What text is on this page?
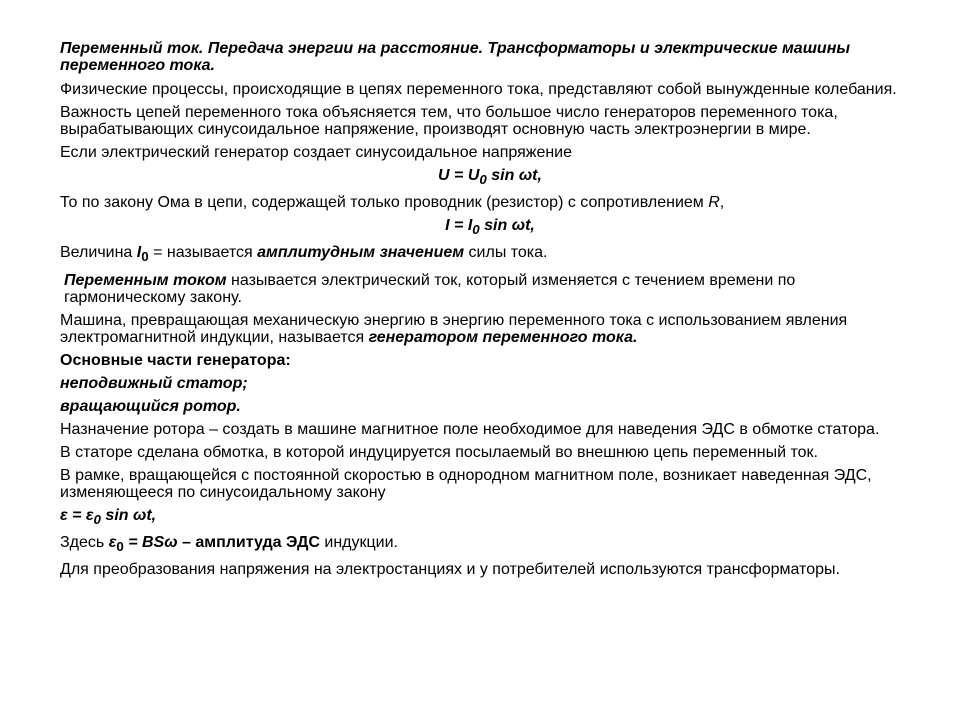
Переменный ток. Передача энергии на расстояние. Трансформаторы и электрические машины переменного тока.
Физические процессы, происходящие в цепях переменного тока, представляют собой вынужденные колебания.
Важность цепей переменного тока объясняется тем, что большое число генераторов переменного тока, вырабатывающих синусоидальное напряжение, производят основную часть электроэнергии в мире.
Если электрический генератор создает синусоидальное напряжение
$U = U_0$ sin ωt,
То по закону Ома в цепи, содержащей только проводник (резистор) с сопротивлением R,
$I = I_0$ sin ωt,
Величина $I_0$ = называется амплитудным значением силы тока.
Переменным током называется электрический ток, который изменяется с течением времени по гармоническому закону.
Машина, превращающая механическую энергию в энергию переменного тока с использованием явления электромагнитной индукции, называется генератором переменного тока.
Основные части генератора:
неподвижный статор;
вращающийся ротор.
Назначение ротора – создать в машине магнитное поле необходимое для наведения ЭДС в обмотке статора.
В статоре сделана обмотка, в которой индуцируется посылаемый во внешнюю цепь переменный ток.
В рамке, вращающейся с постоянной скоростью в однородном магнитном поле, возникает наведенная ЭДС, изменяющееся по синусоидальному закону
$\varepsilon = \varepsilon_0$ sin ωt,
Здесь $\varepsilon_0 = BS\omega$ – амплитуда ЭДС индукции.
Для преобразования напряжения на электростанциях и у потребителей используются трансформаторы.
